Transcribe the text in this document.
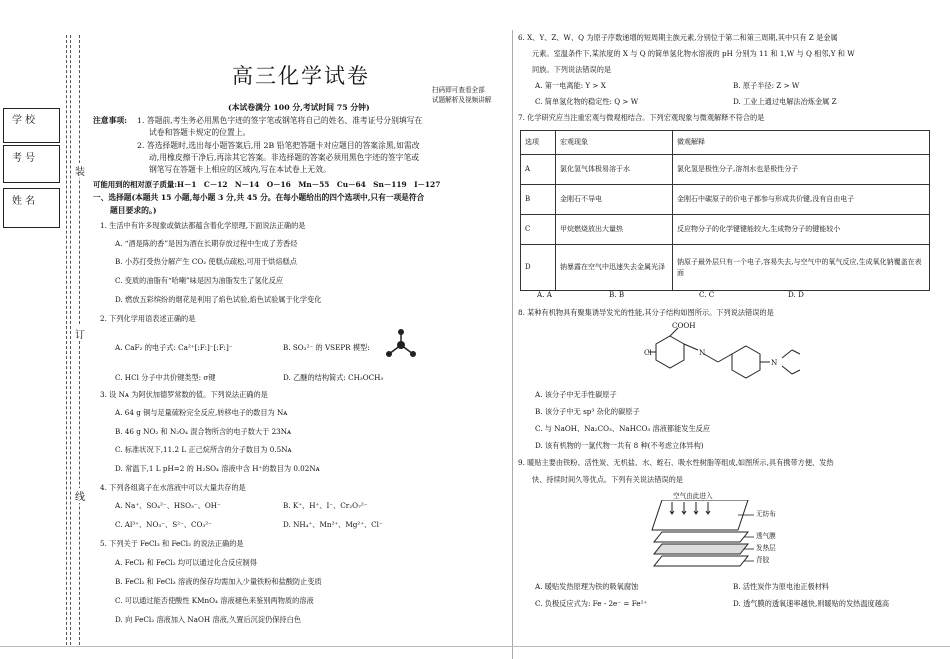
学 校
考 号
姓 名
装
订
线
高三化学试卷
扫码即可查看全部
试题解析及视频讲解
(本试卷满分 100 分,考试时间 75 分钟)
注意事项: 1. 答题前,考生务必用黑色字迹的签字笔或钢笔将自己的姓名、准考证号分别填写在
试卷和答题卡规定的位置上。
2. 答选择题时,选出每小题答案后,用 2B 铅笔把答题卡对应题目的答案涂黑,如需改
动,用橡皮擦干净后,再涂其它答案。非选择题的答案必须用黑色字迹的签字笔或
钢笔写在答题卡上相应的区域内,写在本试卷上无效。
可能用到的相对原子质量:H－1　C－12　N－14　O－16　Mn－55　Cu－64　Sn－119　I－127
一、选择题(本题共 15 小题,每小题 3 分,共 45 分。在每小题给出的四个选项中,只有一项是符合
题目要求的。)
1. 生活中有许多现象或做法都蕴含着化学原理,下面说法正确的是
A. “酒是陈的香”是因为酒在长期存放过程中生成了芳香烃
B. 小苏打受热分解产生 CO₂ 使糕点疏松,可用于烘焙糕点
C. 变质的油脂有“哈喇”味是因为油脂发生了氢化反应
D. 燃放五彩缤纷的烟花是利用了焰色试验,焰色试验属于化学变化
2. 下列化学用语表述正确的是
A. CaF₂ 的电子式: Ca²⁺[:F:]⁻[:F:]⁻	B. SO₃²⁻ 的 VSEPR 模型:
C. HCl 分子中共价键类型: σ键	D. 乙醚的结构简式: CH₃OCH₃
3. 设 Nᴀ 为阿伏加德罗常数的值。下列说法正确的是
A. 64 g 铜与足量硫粉完全反应,转移电子的数目为 Nᴀ
B. 46 g NO₂ 和 N₂O₄ 混合物所含的电子数大于 23Nᴀ
C. 标准状况下,11.2 L 正己烷所含的分子数目为 0.5Nᴀ
D. 常温下,1 L pH=2 的 H₂SO₄ 溶液中含 H⁺的数目为 0.02Nᴀ
4. 下列各组离子在水溶液中可以大量共存的是
A. Na⁺、SO₄²⁻、HSO₃⁻、OH⁻	B. K⁺、H⁺、I⁻、Cr₂O₇²⁻
C. Al³⁺、NO₃⁻、S²⁻、CO₃²⁻	D. NH₄⁺、Mn²⁺、Mg²⁺、Cl⁻
5. 下列关于 FeCl₃ 和 FeCl₂ 的说法正确的是
A. FeCl₃ 和 FeCl₂ 均可以通过化合反应制得
B. FeCl₂ 和 FeCl₃ 溶液的保存均需加入少量铁粉和盐酸防止变质
C. 可以通过能否使酸性 KMnO₄ 溶液褪色来鉴别两物质的溶液
D. 向 FeCl₂ 溶液加入 NaOH 溶液,久置后沉淀仍保持白色
6. X、Y、Z、W、Q 为原子序数递增的短周期主族元素,分别位于第二和第三周期,其中只有 Z 是金属
元素。室温条件下,某浓度的 X 与 Q 的简单氢化物水溶液的 pH 分别为 11 和 1,W 与 Q 相邻,Y 和 W
同族。下列说法错误的是
A. 第一电离能: Y > X	B. 原子半径: Z > W
C. 简单氢化物的稳定性: Q > W	D. 工业上通过电解法冶炼金属 Z
7. 化学研究应当注重宏观与微观相结合。下列宏观现象与微观解释不符合的是
选项	宏观现象	微观解释
A	氯化氢气体极易溶于水	氯化氢是极性分子,溶剂水也是极性分子
B	金刚石不导电	金刚石中碳原子的价电子都参与形成共价键,没有自由电子
C	甲烷燃烧放出大量热	反应物分子的化学键键能较大,生成物分子的键能较小
D	钠暴露在空气中迅速失去金属光泽	钠原子最外层只有一个电子,容易失去,与空气中的氧气反应,生成氧化钠覆盖在表面
A. A	B. B	C. C	D. D
8. 某种有机物具有聚集诱导发光的性能,其分子结构如图所示。下列说法错误的是
COOH
Cl	N
N
A. 该分子中无手性碳原子
B. 该分子中无 sp³ 杂化的碳原子
C. 与 NaOH、Na₂CO₃、NaHCO₃ 溶液都能发生反应
D. 该有机物的一氯代物一共有 8 种(不考虑立体异构)
9. 暖贴主要由铁粉、活性炭、无机盐、水、蛭石、吸水性树脂等组成,如图所示,具有携带方便、发热
快、持续时间久等优点。下列有关说法错误的是
空气由此进入
无纺布
透气膜
发热层
背胶
A. 暖贴发热原理为铁的吸氧腐蚀	B. 活性炭作为原电池正极材料
C. 负极反应式为: Fe - 2e⁻ = Fe²⁺	D. 透气膜的透氧速率越快,则暖贴的发热温度越高
